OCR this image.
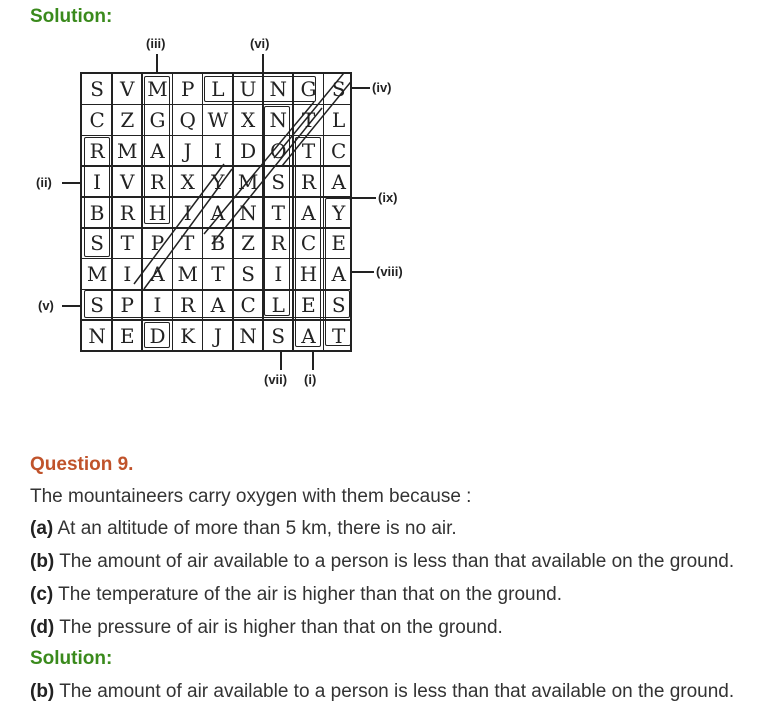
Solution:
(iii)	(vi)
(iv)
(ii)
(ix)
(viii)
(v)
(vii) (i)
S V M P L U N G S
C Z G Q W X N T L
R M A J	I D O T C
I V R X Y M S R A
B R H I A N T A Y
S T P T B Z R C E
M I A M T S I H A
S P I R A C L E S
N E D K J N S A T
Question 9.
The mountaineers carry oxygen with them because :
(a) At an altitude of more than 5 km, there is no air.
(b) The amount of air available to a person is less than that available on the ground.
(c) The temperature of the air is higher than that on the ground.
(d) The pressure of air is higher than that on the ground.
Solution:
(b) The amount of air available to a person is less than that available on the ground.
